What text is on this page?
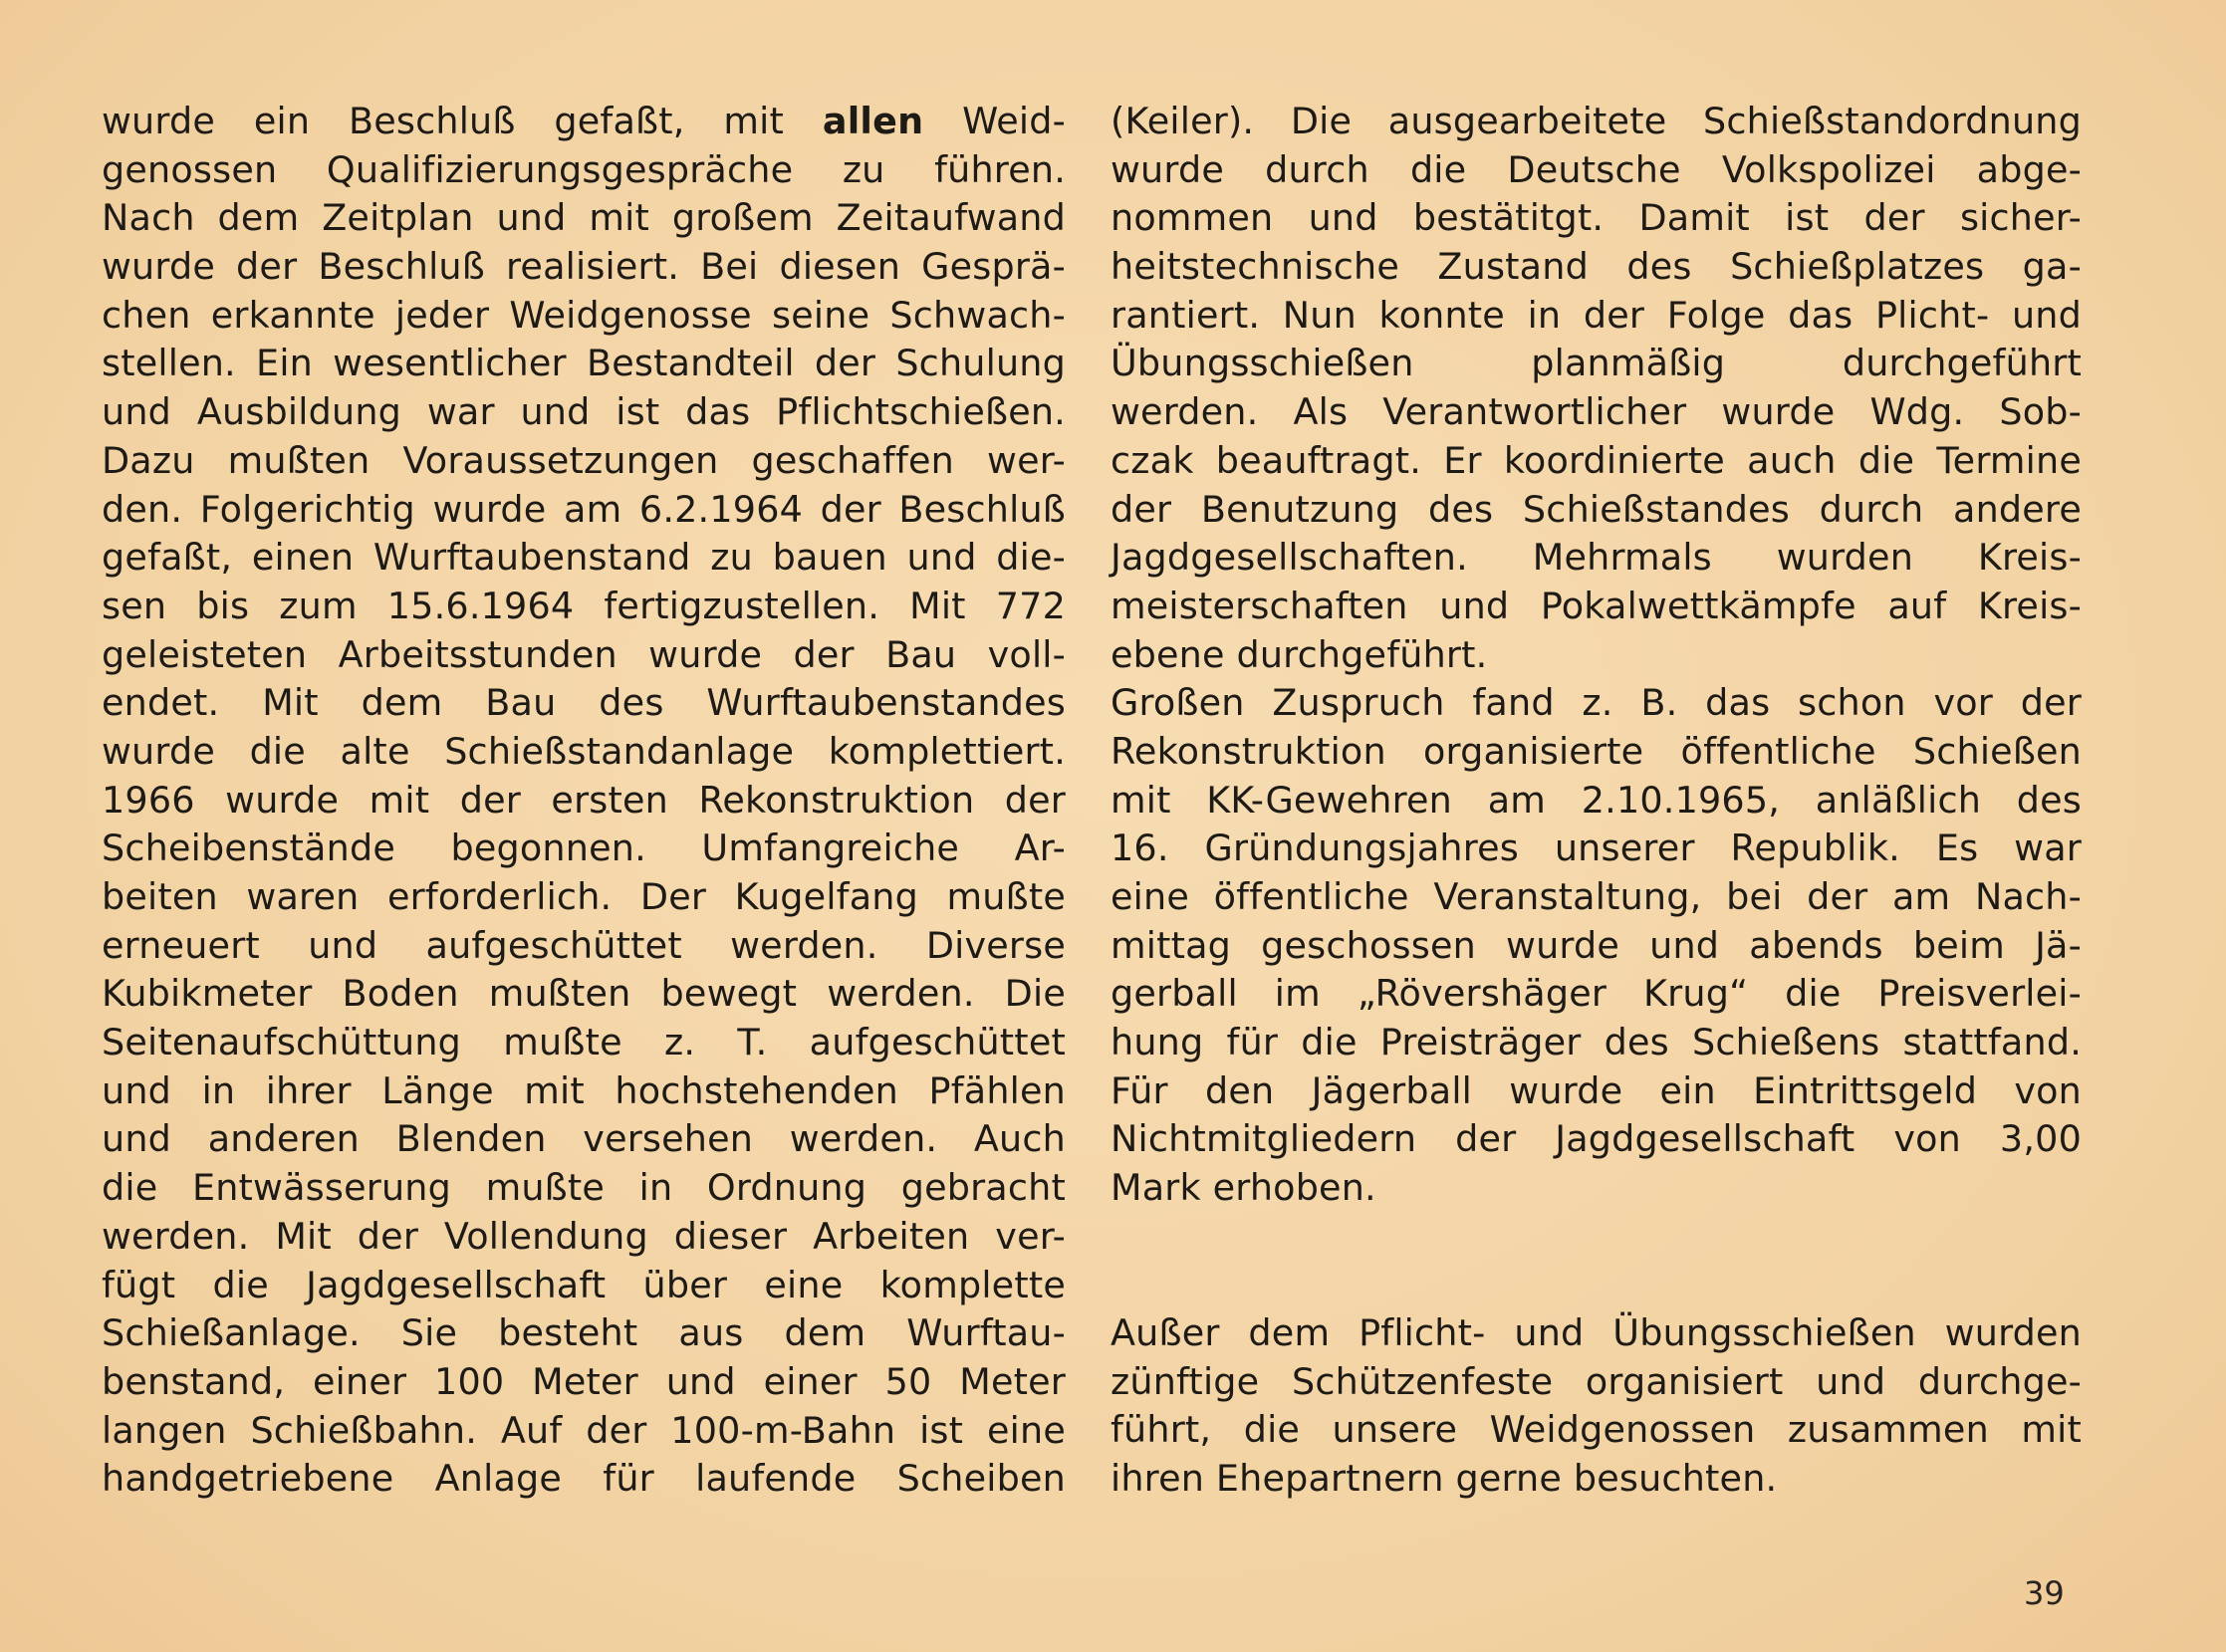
wurde ein Beschluß gefaßt, mit allen Weid-
genossen Qualifizierungsgespräche zu führen.
Nach dem Zeitplan und mit großem Zeitaufwand
wurde der Beschluß realisiert. Bei diesen Gesprä-
chen erkannte jeder Weidgenosse seine Schwach-
stellen. Ein wesentlicher Bestandteil der Schulung
und Ausbildung war und ist das Pflichtschießen.
Dazu mußten Voraussetzungen geschaffen wer-
den. Folgerichtig wurde am 6.2.1964 der Beschluß
gefaßt, einen Wurftaubenstand zu bauen und die-
sen bis zum 15.6.1964 fertigzustellen. Mit 772
geleisteten Arbeitsstunden wurde der Bau voll-
endet. Mit dem Bau des Wurftaubenstandes
wurde die alte Schießstandanlage komplettiert.
1966 wurde mit der ersten Rekonstruktion der
Scheibenstände begonnen. Umfangreiche Ar-
beiten waren erforderlich. Der Kugelfang mußte
erneuert und aufgeschüttet werden. Diverse
Kubikmeter Boden mußten bewegt werden. Die
Seitenaufschüttung mußte z. T. aufgeschüttet
und in ihrer Länge mit hochstehenden Pfählen
und anderen Blenden versehen werden. Auch
die Entwässerung mußte in Ordnung gebracht
werden. Mit der Vollendung dieser Arbeiten ver-
fügt die Jagdgesellschaft über eine komplette
Schießanlage. Sie besteht aus dem Wurftau-
benstand, einer 100 Meter und einer 50 Meter
langen Schießbahn. Auf der 100-m-Bahn ist eine
handgetriebene Anlage für laufende Scheiben
(Keiler). Die ausgearbeitete Schießstandordnung
wurde durch die Deutsche Volkspolizei abge-
nommen und bestätitgt. Damit ist der sicher-
heitstechnische Zustand des Schießplatzes ga-
rantiert. Nun konnte in der Folge das Plicht- und
Übungsschießen planmäßig durchgeführt
werden. Als Verantwortlicher wurde Wdg. Sob-
czak beauftragt. Er koordinierte auch die Termine
der Benutzung des Schießstandes durch andere
Jagdgesellschaften. Mehrmals wurden Kreis-
meisterschaften und Pokalwettkämpfe auf Kreis-
ebene durchgeführt.
Großen Zuspruch fand z. B. das schon vor der
Rekonstruktion organisierte öffentliche Schießen
mit KK-Gewehren am 2.10.1965, anläßlich des
16. Gründungsjahres unserer Republik. Es war
eine öffentliche Veranstaltung, bei der am Nach-
mittag geschossen wurde und abends beim Jä-
gerball im „Rövershäger Krug“ die Preisverlei-
hung für die Preisträger des Schießens stattfand.
Für den Jägerball wurde ein Eintrittsgeld von
Nichtmitgliedern der Jagdgesellschaft von 3,00
Mark erhoben.
Außer dem Pflicht- und Übungsschießen wurden
zünftige Schützenfeste organisiert und durchge-
führt, die unsere Weidgenossen zusammen mit
ihren Ehepartnern gerne besuchten.
39
